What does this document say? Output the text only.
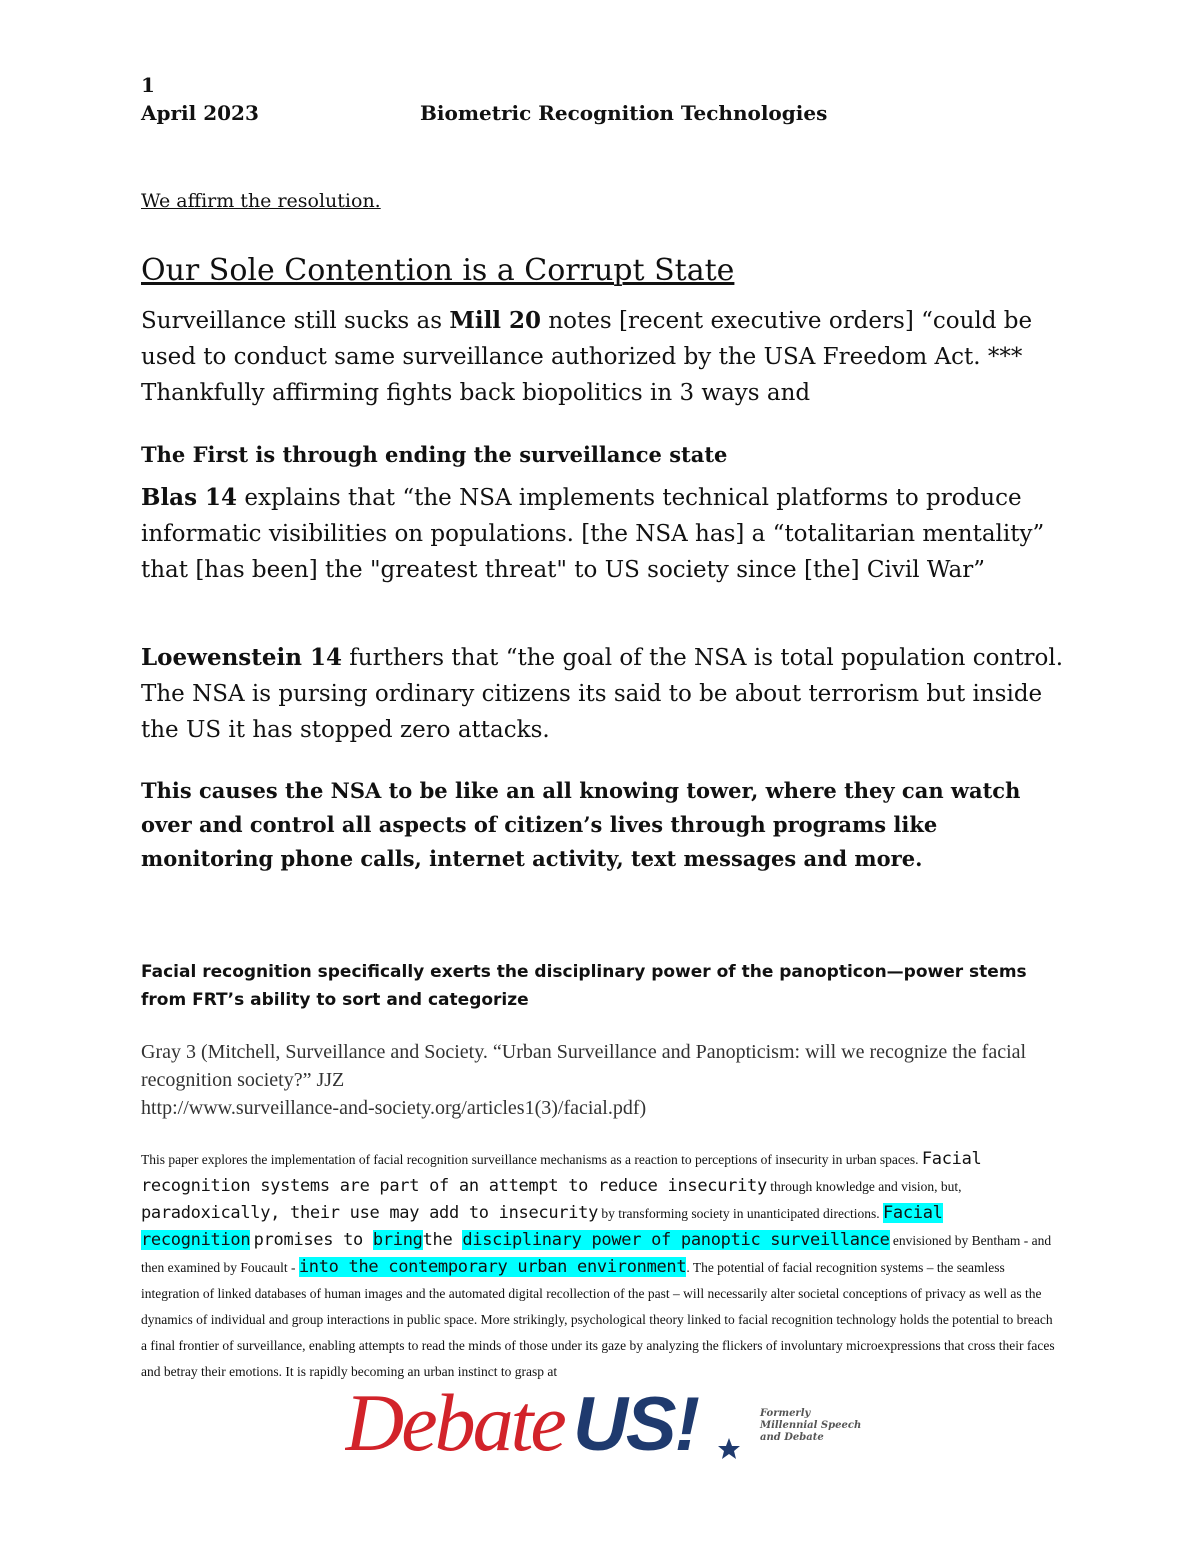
1
April 2023	Biometric Recognition Technologies
We affirm the resolution.
Our Sole Contention is a Corrupt State

Surveillance still sucks as Mill 20 notes [recent executive orders] “could be used to conduct same surveillance authorized by the USA Freedom Act. ***

Thankfully affirming fights back biopolitics in 3 ways and

The First is through ending the surveillance state

Blas 14 explains that “the NSA implements technical platforms to produce informatic visibilities on populations. [the NSA has] a “totalitarian mentality” that [has been] the "greatest threat" to US society since [the] Civil War”

Loewenstein 14 furthers that “the goal of the NSA is total population control. The NSA is pursing ordinary citizens its said to be about terrorism but inside the US it has stopped zero attacks.

This causes the NSA to be like an all knowing tower, where they can watch over and control all aspects of citizen’s lives through programs like monitoring phone calls, internet activity, text messages and more.

Facial recognition specifically exerts the disciplinary power of the panopticon—power stems from FRT’s ability to sort and categorize

Gray 3 (Mitchell, Surveillance and Society. “Urban Surveillance and Panopticism: will we recognize the facial recognition society?” JJZ
http://www.surveillance-and-society.org/articles1(3)/facial.pdf)

This paper explores the implementation of facial recognition surveillance mechanisms as a reaction to perceptions of insecurity in urban spaces. Facial recognition systems are part of an attempt to reduce insecurity through knowledge and vision, but, paradoxically, their use may add to insecurity by transforming society in unanticipated directions. Facial recognition promises to bringthe disciplinary power of panoptic surveillance envisioned by Bentham - and then examined by Foucault - into the contemporary urban environment. The potential of facial recognition systems – the seamless integration of linked databases of human images and the automated digital recollection of the past – will necessarily alter societal conceptions of privacy as well as the dynamics of individual and group interactions in public space. More strikingly, psychological theory linked to facial recognition technology holds the potential to breach a final frontier of surveillance, enabling attempts to read the minds of those under its gaze by analyzing the flickers of involuntary microexpressions that cross their faces and betray their emotions. It is rapidly becoming an urban instinct to grasp at

Debate US!	Formerly Millennial Speech and Debate
